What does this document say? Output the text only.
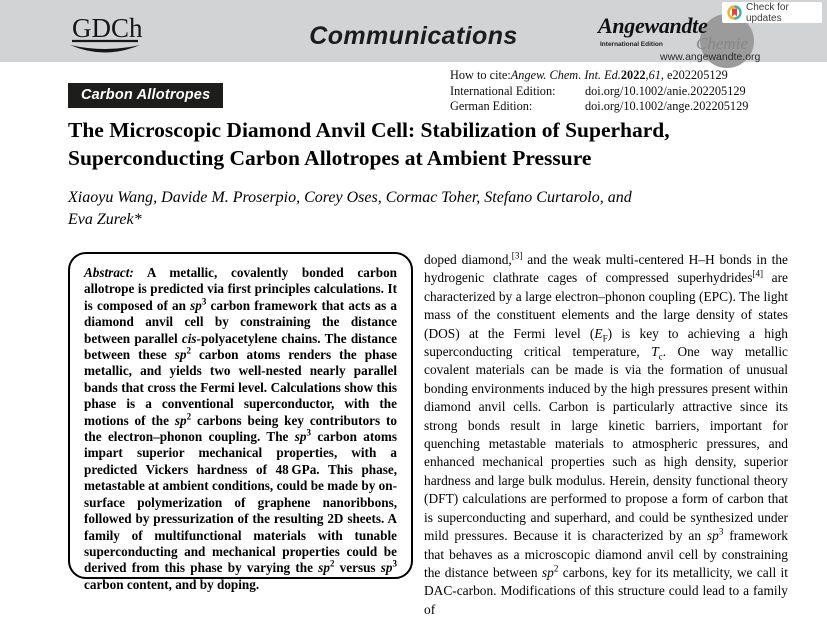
GDCh	Communications	Angewandte
International Edition Chemie
www.angewandte.org
Check for updates
How to cite: Angew. Chem. Int. Ed. 2022 , 61 , e202205129
International Edition:	doi.org/10.1002/anie.202205129
German Edition:	doi.org/10.1002/ange.202205129
Carbon Allotropes
The Microscopic Diamond Anvil Cell: Stabilization of Superhard,
Superconducting Carbon Allotropes at Ambient Pressure
Xiaoyu Wang, Davide M. Proserpio, Corey Oses, Cormac Toher, Stefano Curtarolo, and
Eva Zurek*
Abstract: A metallic, covalently bonded carbon allotrope is predicted via first principles calculations. It is composed of an $sp^3$ carbon framework that acts as a diamond anvil cell by constraining the distance between parallel cis-polyacetylene chains. The distance between these $sp^2$ carbon atoms renders the phase metallic, and yields two well-nested nearly parallel bands that cross the Fermi level. Calculations show this phase is a conventional superconductor, with the motions of the $sp^2$ carbons being key contributors to the electron–phonon coupling. The $sp^3$ carbon atoms impart superior mechanical properties, with a predicted Vickers hardness of 48 GPa. This phase, metastable at ambient conditions, could be made by on-surface polymerization of graphene nanoribbons, followed by pressurization of the resulting 2D sheets. A family of multifunctional materials with tunable superconducting and mechanical properties could be derived from this phase by varying the $sp^2$ versus $sp^3$ carbon content, and by doping.
doped diamond,[3] and the weak multi-centered H–H bonds in the hydrogenic clathrate cages of compressed superhydrides[4] are characterized by a large electron–phonon coupling (EPC). The light mass of the constituent elements and the large density of states (DOS) at the Fermi level $(E_F)$ is key to achieving a high superconducting critical temperature, $T_c$. One way metallic covalent materials can be made is via the formation of unusual bonding environments induced by the high pressures present within diamond anvil cells. Carbon is particularly attractive since its strong bonds result in large kinetic barriers, important for quenching metastable materials to atmospheric pressures, and enhanced mechanical properties such as high density, superior hardness and large bulk modulus. Herein, density functional theory (DFT) calculations are performed to propose a form of carbon that is superconducting and superhard, and could be synthesized under mild pressures. Because it is characterized by an $sp^3$ framework that behaves as a microscopic diamond anvil cell by constraining the distance between $sp^2$ carbons, key for its metallicity, we call it DAC-carbon. Modifications of this structure could lead to a family of
